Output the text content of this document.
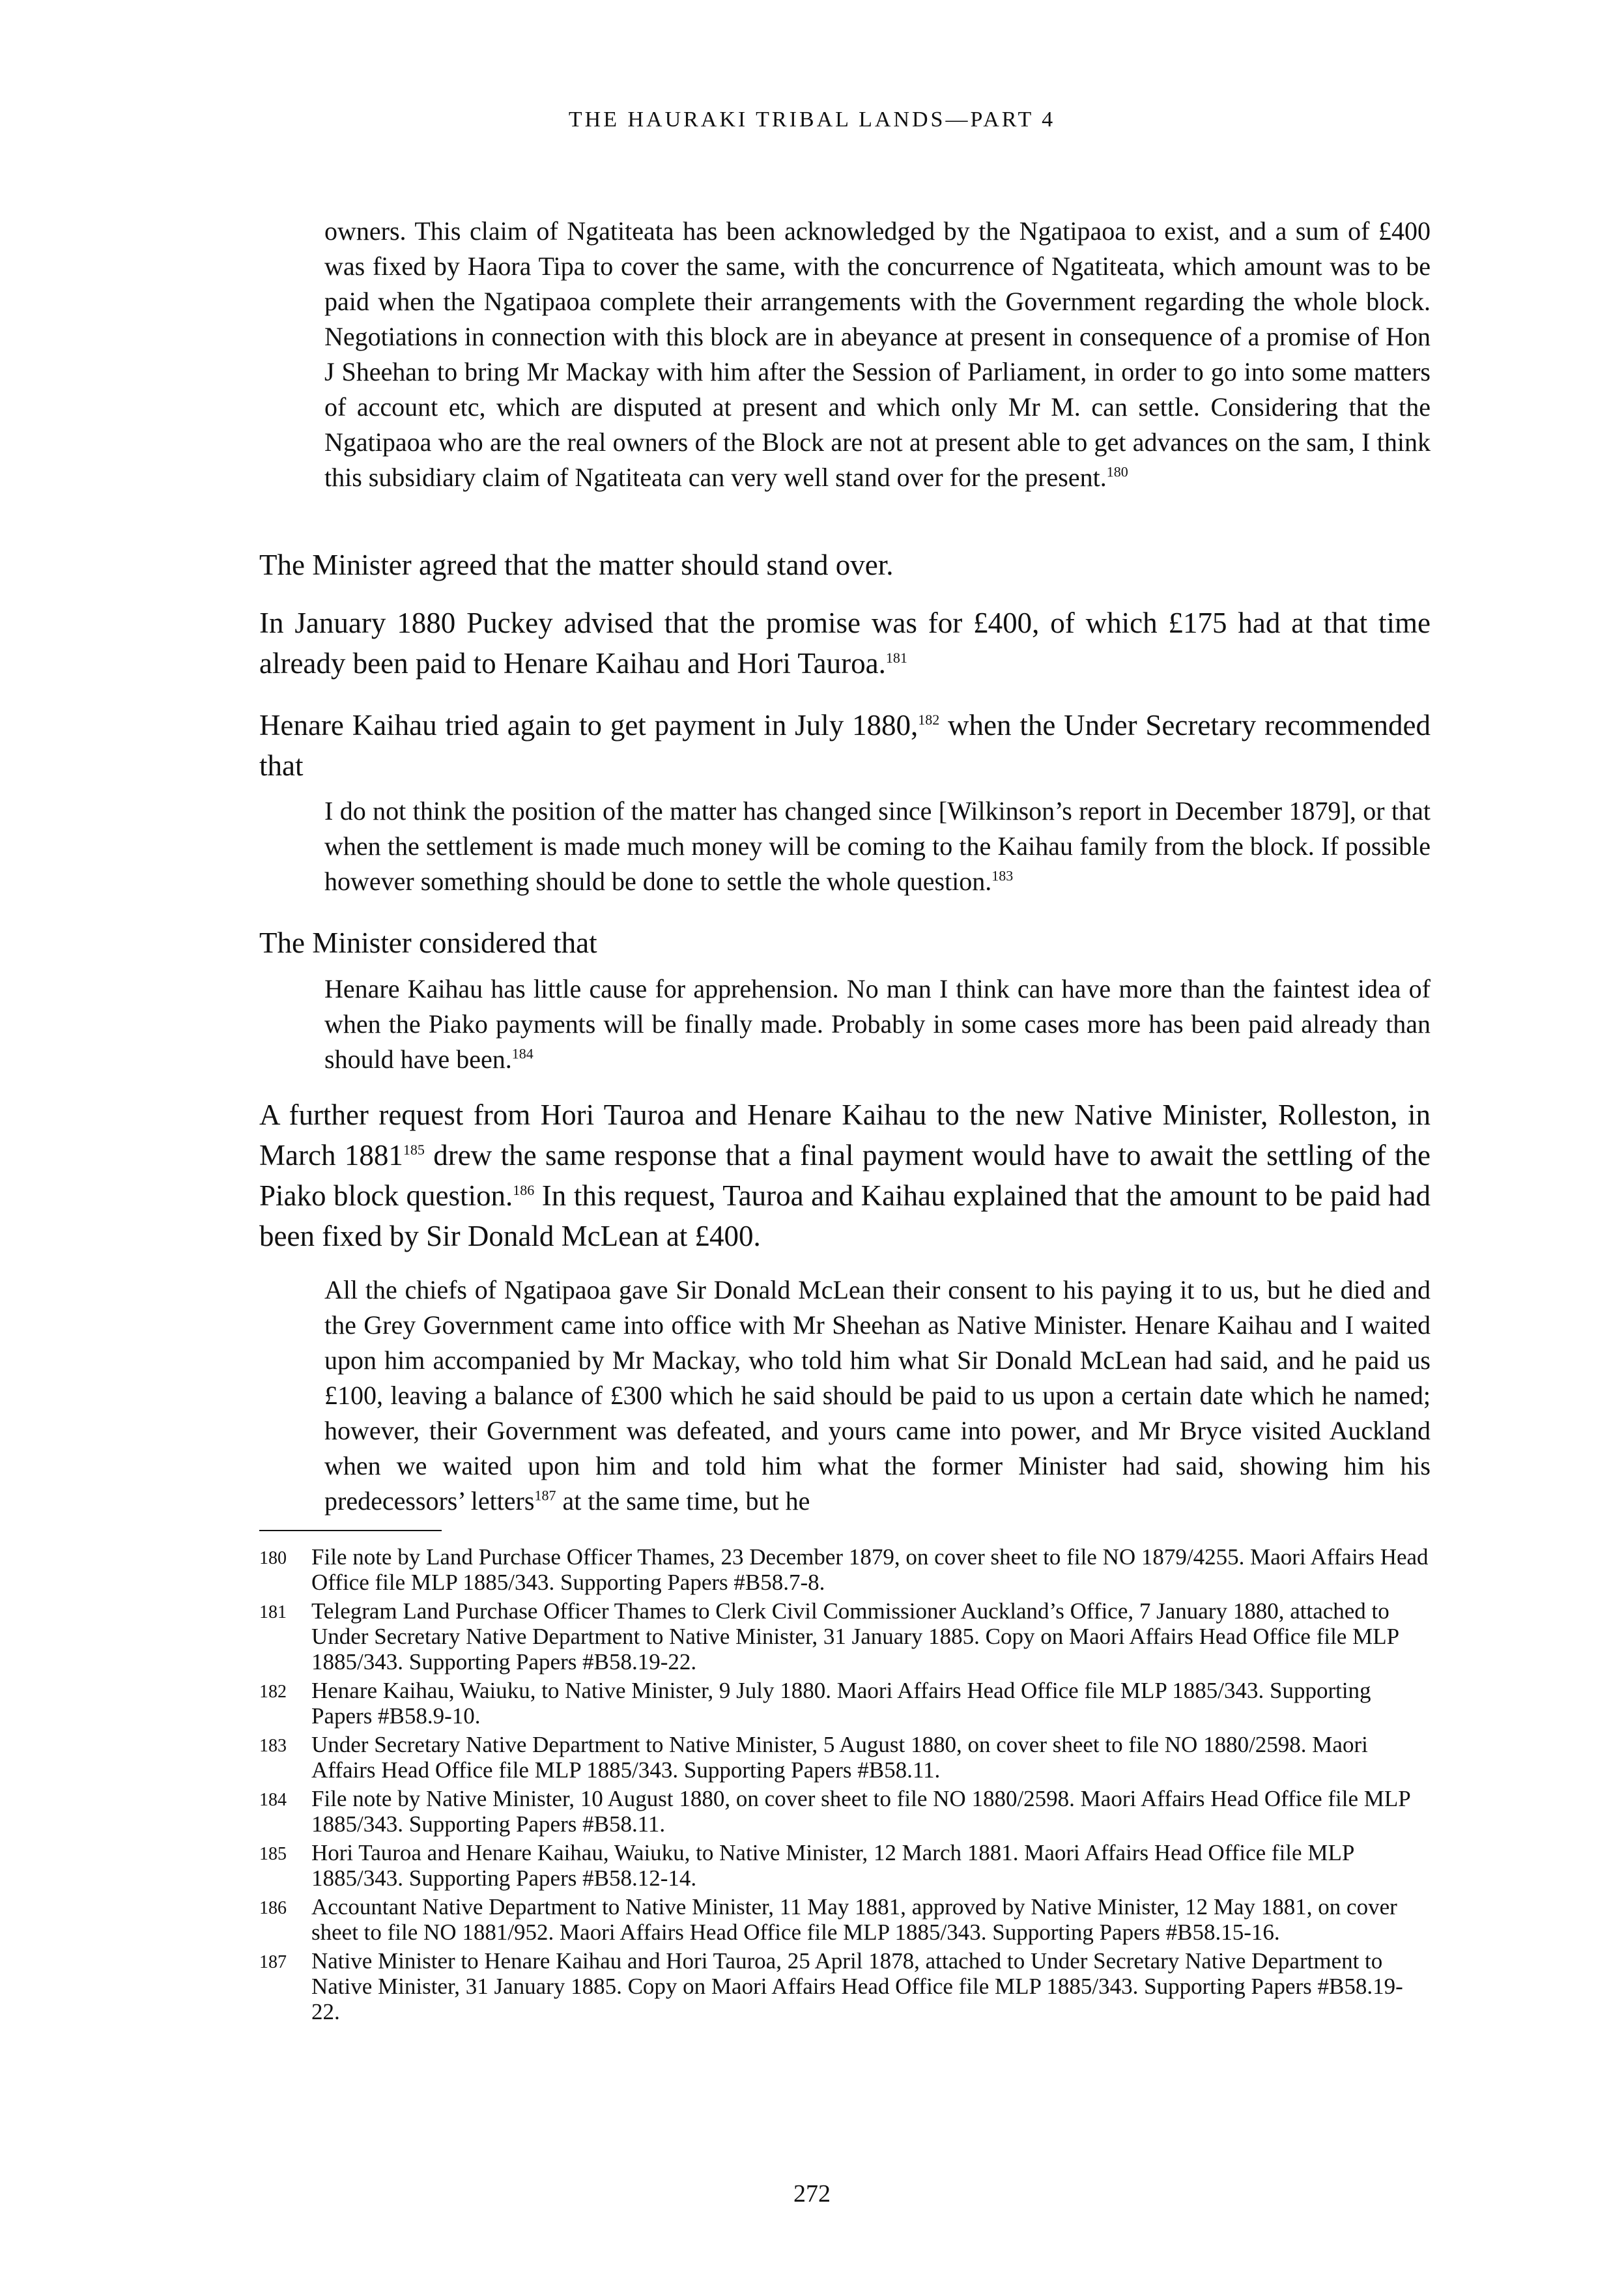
THE HAURAKI TRIBAL LANDS—PART 4

owners. This claim of Ngatiteata has been acknowledged by the Ngatipaoa to exist, and a sum of £400 was fixed by Haora Tipa to cover the same, with the concurrence of Ngatiteata, which amount was to be paid when the Ngatipaoa complete their arrangements with the Government regarding the whole block. Negotiations in connection with this block are in abeyance at present in consequence of a promise of Hon J Sheehan to bring Mr Mackay with him after the Session of Parliament, in order to go into some matters of account etc, which are disputed at present and which only Mr M. can settle. Considering that the Ngatipaoa who are the real owners of the Block are not at present able to get advances on the sam, I think this subsidiary claim of Ngatiteata can very well stand over for the present.$^{180}$

The Minister agreed that the matter should stand over.

In January 1880 Puckey advised that the promise was for £400, of which £175 had at that time already been paid to Henare Kaihau and Hori Tauroa.$^{181}$

Henare Kaihau tried again to get payment in July 1880,$^{182}$ when the Under Secretary recommended that

I do not think the position of the matter has changed since [Wilkinson’s report in December 1879], or that when the settlement is made much money will be coming to the Kaihau family from the block. If possible however something should be done to settle the whole question.$^{183}$

The Minister considered that

Henare Kaihau has little cause for apprehension. No man I think can have more than the faintest idea of when the Piako payments will be finally made. Probably in some cases more has been paid already than should have been.$^{184}$

A further request from Hori Tauroa and Henare Kaihau to the new Native Minister, Rolleston, in March 1881$^{185}$ drew the same response that a final payment would have to await the settling of the Piako block question.$^{186}$ In this request, Tauroa and Kaihau explained that the amount to be paid had been fixed by Sir Donald McLean at £400.

All the chiefs of Ngatipaoa gave Sir Donald McLean their consent to his paying it to us, but he died and the Grey Government came into office with Mr Sheehan as Native Minister. Henare Kaihau and I waited upon him accompanied by Mr Mackay, who told him what Sir Donald McLean had said, and he paid us £100, leaving a balance of £300 which he said should be paid to us upon a certain date which he named; however, their Government was defeated, and yours came into power, and Mr Bryce visited Auckland when we waited upon him and told him what the former Minister had said, showing him his predecessors’ letters$^{187}$ at the same time, but he

180	File note by Land Purchase Officer Thames, 23 December 1879, on cover sheet to file NO 1879/4255. Maori Affairs Head Office file MLP 1885/343. Supporting Papers #B58.7-8.
181	Telegram Land Purchase Officer Thames to Clerk Civil Commissioner Auckland’s Office, 7 January 1880, attached to Under Secretary Native Department to Native Minister, 31 January 1885. Copy on Maori Affairs Head Office file MLP 1885/343. Supporting Papers #B58.19-22.
182	Henare Kaihau, Waiuku, to Native Minister, 9 July 1880. Maori Affairs Head Office file MLP 1885/343. Supporting Papers #B58.9-10.
183	Under Secretary Native Department to Native Minister, 5 August 1880, on cover sheet to file NO 1880/2598. Maori Affairs Head Office file MLP 1885/343. Supporting Papers #B58.11.
184	File note by Native Minister, 10 August 1880, on cover sheet to file NO 1880/2598. Maori Affairs Head Office file MLP 1885/343. Supporting Papers #B58.11.
185	Hori Tauroa and Henare Kaihau, Waiuku, to Native Minister, 12 March 1881. Maori Affairs Head Office file MLP 1885/343. Supporting Papers #B58.12-14.
186	Accountant Native Department to Native Minister, 11 May 1881, approved by Native Minister, 12 May 1881, on cover sheet to file NO 1881/952. Maori Affairs Head Office file MLP 1885/343. Supporting Papers #B58.15-16.
187	Native Minister to Henare Kaihau and Hori Tauroa, 25 April 1878, attached to Under Secretary Native Department to Native Minister, 31 January 1885. Copy on Maori Affairs Head Office file MLP 1885/343. Supporting Papers #B58.19-22.
272
